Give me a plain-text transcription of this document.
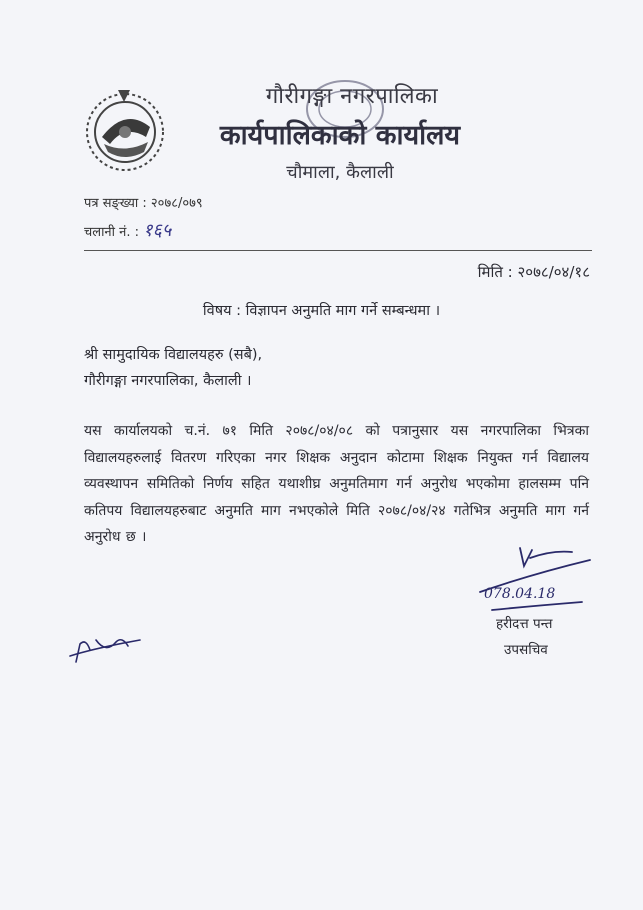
गौरीगङ्गा नगरपालिका
कार्यपालिकाको कार्यालय
चौमाला, कैलाली
पत्र सङ्ख्या : २०७८/०७९
चलानी नं. : १६५
मिति : २०७८/०४/१८
विषय : विज्ञापन अनुमति माग गर्ने सम्बन्धमा ।
श्री सामुदायिक विद्यालयहरु (सबै),
गौरीगङ्गा नगरपालिका, कैलाली ।
यस कार्यालयको च.नं. ७१ मिति २०७८/०४/०८ को पत्रानुसार यस नगरपालिका भित्रका विद्यालयहरुलाई वितरण गरिएका नगर शिक्षक अनुदान कोटामा शिक्षक नियुक्त गर्न विद्यालय व्यवस्थापन समितिको निर्णय सहित यथाशीघ्र अनुमतिमाग गर्न अनुरोध भएकोमा हालसम्म पनि कतिपय विद्यालयहरुबाट अनुमति माग नभएकोले मिति २०७८/०४/२४ गतेभित्र अनुमति माग गर्न अनुरोध छ ।
078.04.18
हरीदत्त पन्त
उपसचिव
